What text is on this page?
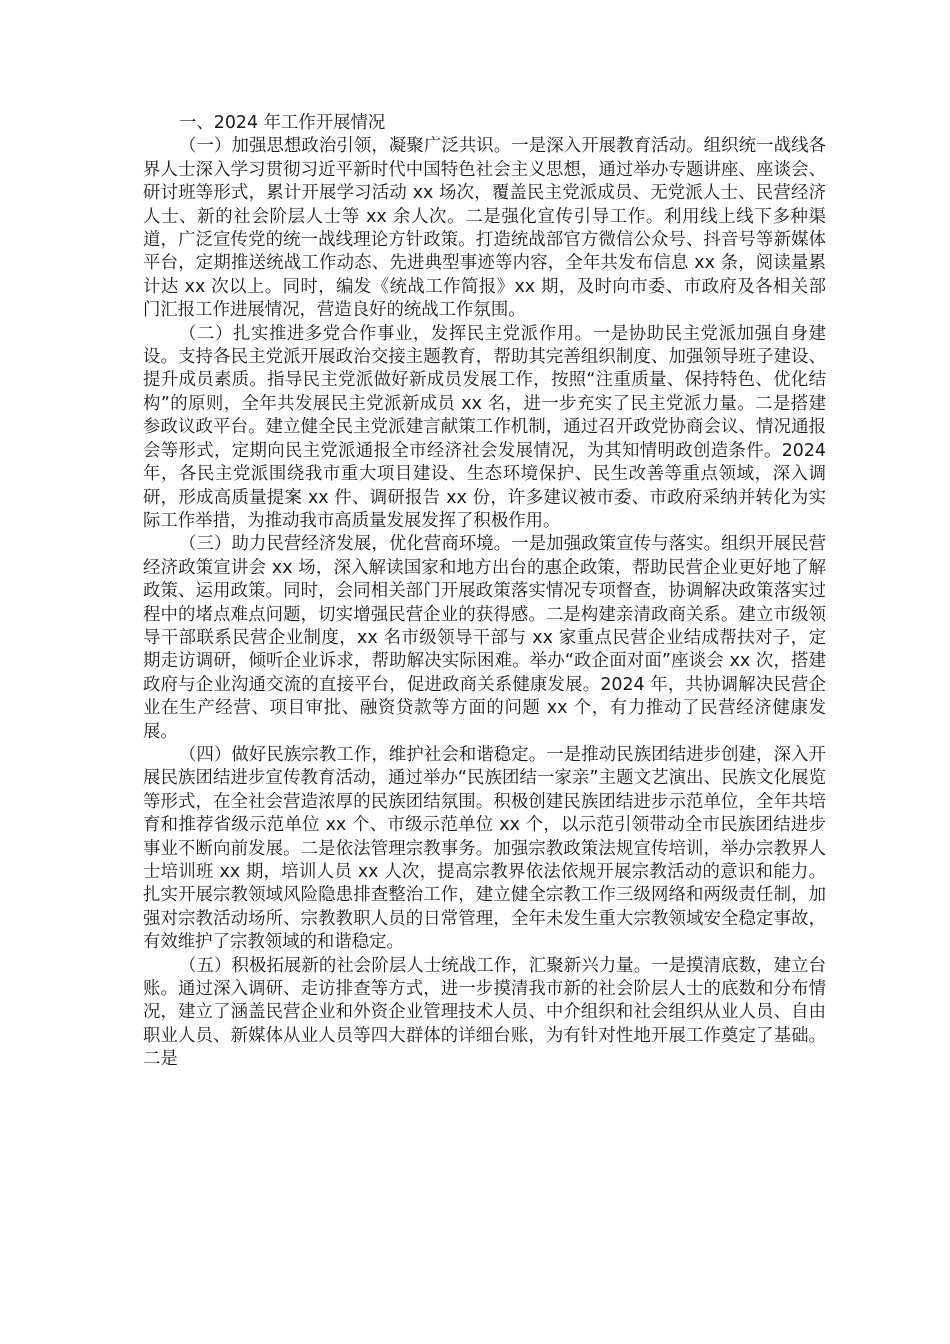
一、2024 年工作开展情况

（一）加强思想政治引领，凝聚广泛共识。一是深入开展教育活动。组织统一战线各界人士深入学习贯彻习近平新时代中国特色社会主义思想，通过举办专题讲座、座谈会、研讨班等形式，累计开展学习活动 xx 场次，覆盖民主党派成员、无党派人士、民营经济人士、新的社会阶层人士等 xx 余人次。二是强化宣传引导工作。利用线上线下多种渠道，广泛宣传党的统一战线理论方针政策。打造统战部官方微信公众号、抖音号等新媒体平台，定期推送统战工作动态、先进典型事迹等内容，全年共发布信息 xx 条，阅读量累计达 xx 次以上。同时，编发《统战工作简报》xx 期，及时向市委、市政府及各相关部门汇报工作进展情况，营造良好的统战工作氛围。

（二）扎实推进多党合作事业，发挥民主党派作用。一是协助民主党派加强自身建设。支持各民主党派开展政治交接主题教育，帮助其完善组织制度、加强领导班子建设、提升成员素质。指导民主党派做好新成员发展工作，按照“注重质量、保持特色、优化结构”的原则，全年共发展民主党派新成员 xx 名，进一步充实了民主党派力量。二是搭建参政议政平台。建立健全民主党派建言献策工作机制，通过召开政党协商会议、情况通报会等形式，定期向民主党派通报全市经济社会发展情况，为其知情明政创造条件。2024 年，各民主党派围绕我市重大项目建设、生态环境保护、民生改善等重点领域，深入调研，形成高质量提案 xx 件、调研报告 xx 份，许多建议被市委、市政府采纳并转化为实际工作举措，为推动我市高质量发展发挥了积极作用。

（三）助力民营经济发展，优化营商环境。一是加强政策宣传与落实。组织开展民营经济政策宣讲会 xx 场，深入解读国家和地方出台的惠企政策，帮助民营企业更好地了解政策、运用政策。同时，会同相关部门开展政策落实情况专项督查，协调解决政策落实过程中的堵点难点问题，切实增强民营企业的获得感。二是构建亲清政商关系。建立市级领导干部联系民营企业制度，xx 名市级领导干部与 xx 家重点民营企业结成帮扶对子，定期走访调研，倾听企业诉求，帮助解决实际困难。举办“政企面对面”座谈会 xx 次，搭建政府与企业沟通交流的直接平台，促进政商关系健康发展。2024 年，共协调解决民营企业在生产经营、项目审批、融资贷款等方面的问题 xx 个，有力推动了民营经济健康发展。

（四）做好民族宗教工作，维护社会和谐稳定。一是推动民族团结进步创建，深入开展民族团结进步宣传教育活动，通过举办“民族团结一家亲”主题文艺演出、民族文化展览等形式，在全社会营造浓厚的民族团结氛围。积极创建民族团结进步示范单位，全年共培育和推荐省级示范单位 xx 个、市级示范单位 xx 个，以示范引领带动全市民族团结进步事业不断向前发展。二是依法管理宗教事务。加强宗教政策法规宣传培训，举办宗教界人士培训班 xx 期，培训人员 xx 人次，提高宗教界依法依规开展宗教活动的意识和能力。扎实开展宗教领域风险隐患排查整治工作，建立健全宗教工作三级网络和两级责任制，加强对宗教活动场所、宗教教职人员的日常管理，全年未发生重大宗教领域安全稳定事故，有效维护了宗教领域的和谐稳定。

（五）积极拓展新的社会阶层人士统战工作，汇聚新兴力量。一是摸清底数，建立台账。通过深入调研、走访排查等方式，进一步摸清我市新的社会阶层人士的底数和分布情况，建立了涵盖民营企业和外资企业管理技术人员、中介组织和社会组织从业人员、自由职业人员、新媒体从业人员等四大群体的详细台账，为有针对性地开展工作奠定了基础。二是
